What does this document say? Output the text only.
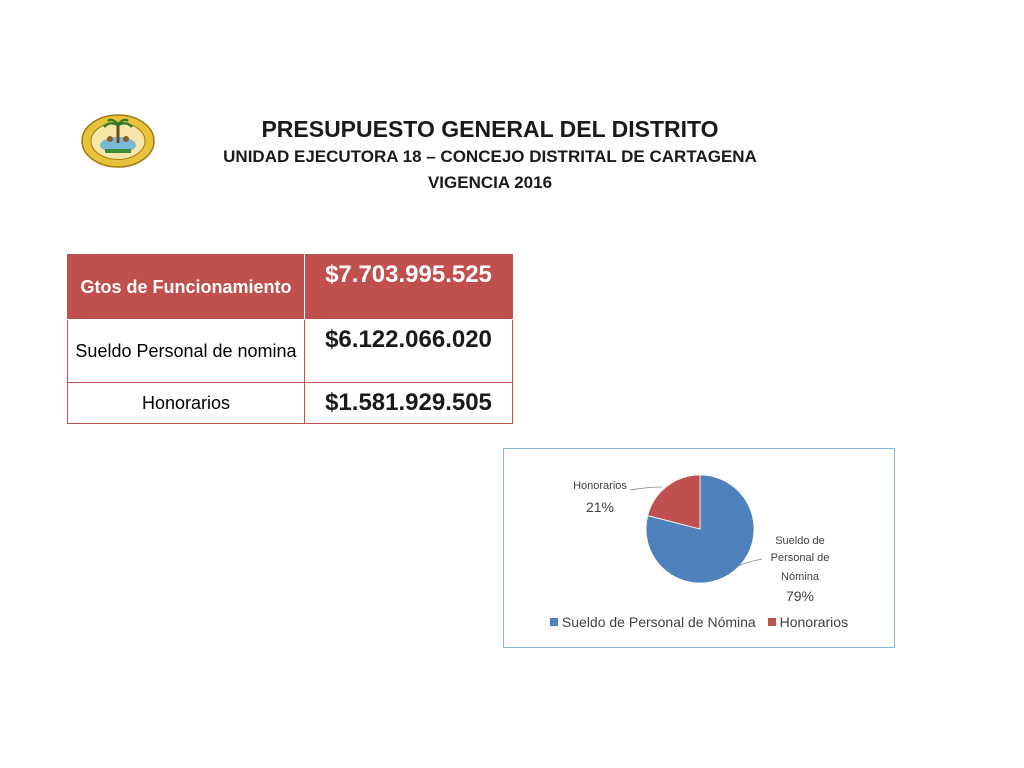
PRESUPUESTO GENERAL DEL DISTRITO
UNIDAD EJECUTORA 18 – CONCEJO DISTRITAL DE CARTAGENA
VIGENCIA 2016
Gtos de Funcionamiento	$7.703.995.525
Sueldo Personal de nomina	$6.122.066.020
Honorarios	$1.581.929.505
Honorarios
21%
Sueldo de
Personal de
Nómina
79%
Sueldo de Personal de Nómina Honorarios
